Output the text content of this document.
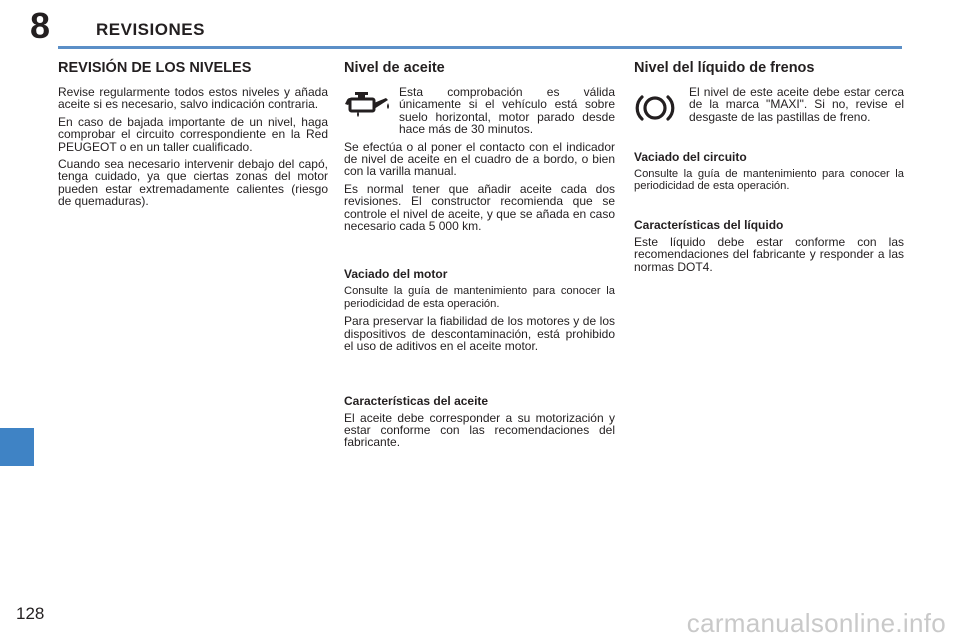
8	REVISIONES
REVISIÓN DE LOS NIVELES

Revise regularmente todos estos niveles y añada aceite si es necesario, salvo indicación contraria.

En caso de bajada importante de un nivel, haga comprobar el circuito correspondiente en la Red PEUGEOT o en un taller cualificado.

Cuando sea necesario intervenir debajo del capó, tenga cuidado, ya que ciertas zonas del motor pueden estar extremadamente calientes (riesgo de quemaduras).

Nivel de aceite

Esta comprobación es válida únicamente si el vehículo está sobre suelo horizontal, motor parado desde hace más de 30 minutos.

Se efectúa o al poner el contacto con el indicador de nivel de aceite en el cuadro de a bordo, o bien con la varilla manual.

Es normal tener que añadir aceite cada dos revisiones. El constructor recomienda que se controle el nivel de aceite, y que se añada en caso necesario cada 5 000 km.

Vaciado del motor

Consulte la guía de mantenimiento para conocer la periodicidad de esta operación.

Para preservar la fiabilidad de los motores y de los dispositivos de descontaminación, está prohibido el uso de aditivos en el aceite motor.

Características del aceite

El aceite debe corresponder a su motorización y estar conforme con las recomendaciones del fabricante.

Nivel del líquido de frenos

El nivel de este aceite debe estar cerca de la marca "MAXI". Si no, revise el desgaste de las pastillas de freno.

Vaciado del circuito

Consulte la guía de mantenimiento para conocer la periodicidad de esta operación.

Características del líquido

Este líquido debe estar conforme con las recomendaciones del fabricante y responder a las normas DOT4.

128	carmanualsonline.info
